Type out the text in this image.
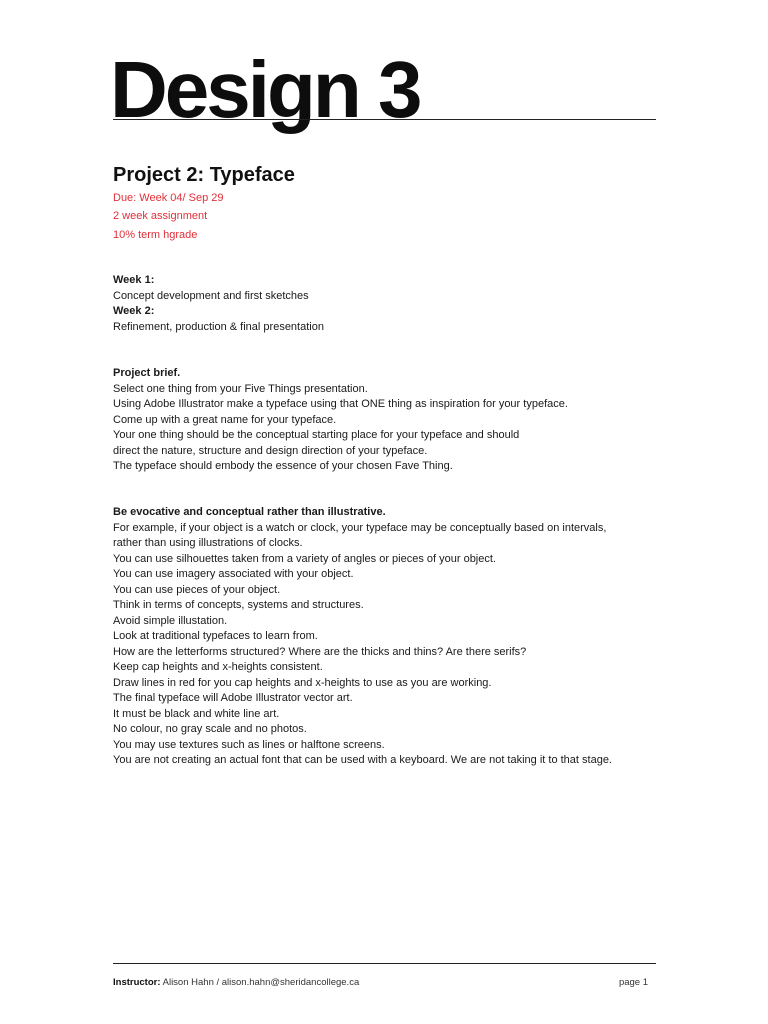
Design 3
Project 2: Typeface
Due: Week 04/ Sep 29
2 week assignment
10% term hgrade

Week 1:

Concept development and first sketches

Week 2:

Refinement, production & final presentation

Project brief.

Select one thing from your Five Things presentation.

Using Adobe Illustrator make a typeface using that ONE thing as inspiration for your typeface.

Come up with a great name for your typeface.

Your one thing should be the conceptual starting place for your typeface and should

direct the nature, structure and design direction of your typeface.

The typeface should embody the essence of your chosen Fave Thing.

Be evocative and conceptual rather than illustrative.

For example, if your object is a watch or clock, your typeface may be conceptually based on intervals,

rather than using illustrations of clocks.

You can use silhouettes taken from a variety of angles or pieces of your object.

You can use imagery associated with your object.

You can use pieces of your object.

Think in terms of concepts, systems and structures.

Avoid simple illustation.

Look at traditional typefaces to learn from.

How are the letterforms structured? Where are the thicks and thins? Are there serifs?

Keep cap heights and x-heights consistent.

Draw lines in red for you cap heights and x-heights to use as you are working.

The final typeface will Adobe Illustrator vector art.

It must be black and white line art.

No colour, no gray scale and no photos.

You may use textures such as lines or halftone screens.

You are not creating an actual font that can be used with a keyboard. We are not taking it to that stage.

Instructor: Alison Hahn / alison.hahn@sheridancollege.ca	page 1
